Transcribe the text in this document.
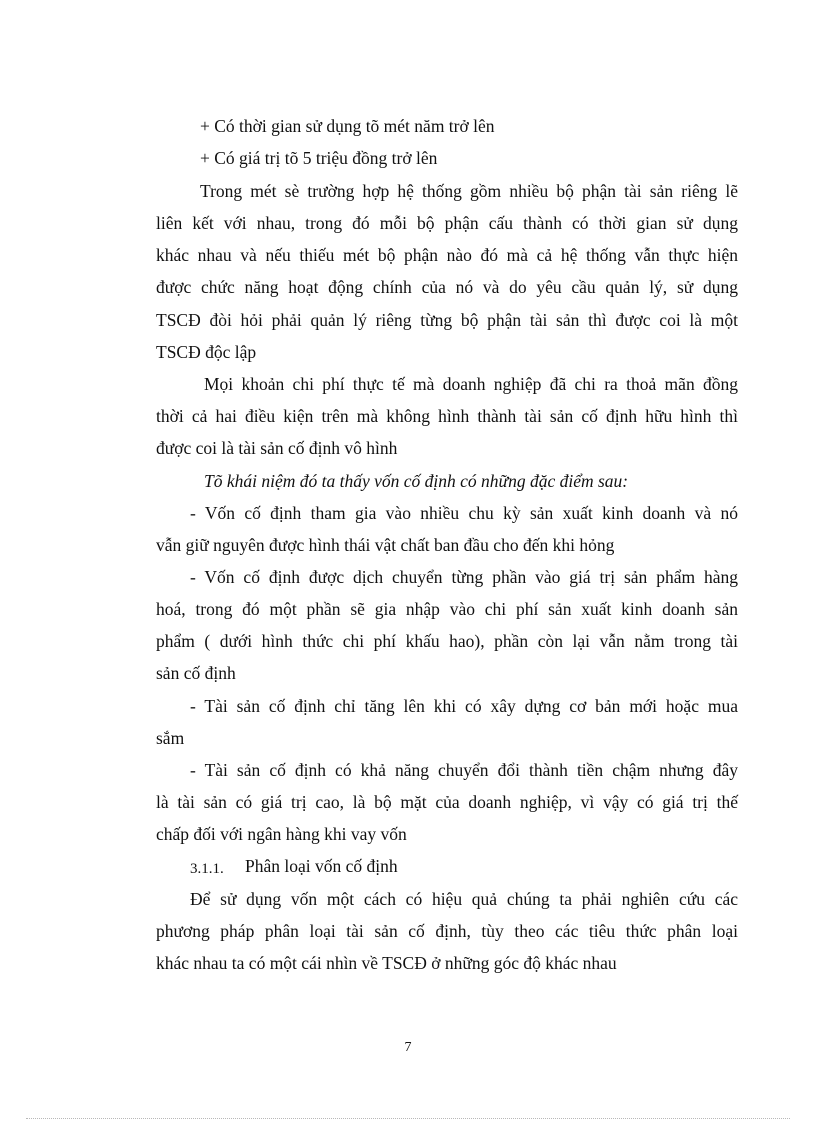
+ Có thời gian sử dụng tõ mét năm trở lên
+ Có giá trị tõ 5 triệu đồng trở lên
Trong mét sè trường hợp hệ thống gồm nhiều bộ phận tài sản riêng lẽ
liên kết với nhau, trong đó mỗi bộ phận cấu thành có thời gian sử dụng
khác nhau và nếu thiếu mét bộ phận nào đó mà cả hệ thống vẫn thực hiện
được chức năng hoạt động chính của nó và do yêu cầu quản lý, sử dụng
TSCĐ đòi hỏi phải quản lý riêng từng bộ phận tài sản thì được coi là một
TSCĐ độc lập
Mọi khoản chi phí thực tế mà doanh nghiệp đã chi ra thoả mãn đồng
thời cả hai điều kiện trên mà không hình thành tài sản cố định hữu hình thì
được coi là tài sản cố định vô hình
Tõ khái niệm đó ta thấy vốn cố định có những đặc điểm sau:
- Vốn cố định tham gia vào nhiều chu kỳ sản xuất kinh doanh và nó
vẫn giữ nguyên được hình thái vật chất ban đầu cho đến khi hỏng
- Vốn cố định được dịch chuyển từng phần vào giá trị sản phẩm hàng
hoá, trong đó một phần sẽ gia nhập vào chi phí sản xuất kinh doanh sản
phẩm ( dưới hình thức chi phí khấu hao), phần còn lại vẫn nằm trong tài
sản cố định
- Tài sản cố định chỉ tăng lên khi có xây dựng cơ bản mới hoặc mua
sắm
- Tài sản cố định có khả năng chuyển đổi thành tiền chậm nhưng đây
là tài sản có giá trị cao, là bộ mặt của doanh nghiệp, vì vậy có giá trị thế
chấp đối với ngân hàng khi vay vốn
3.1.1. Phân loại vốn cố định
Để sử dụng vốn một cách có hiệu quả chúng ta phải nghiên cứu các
phương pháp phân loại tài sản cố định, tùy theo các tiêu thức phân loại
khác nhau ta có một cái nhìn về TSCĐ ở những góc độ khác nhau
7
